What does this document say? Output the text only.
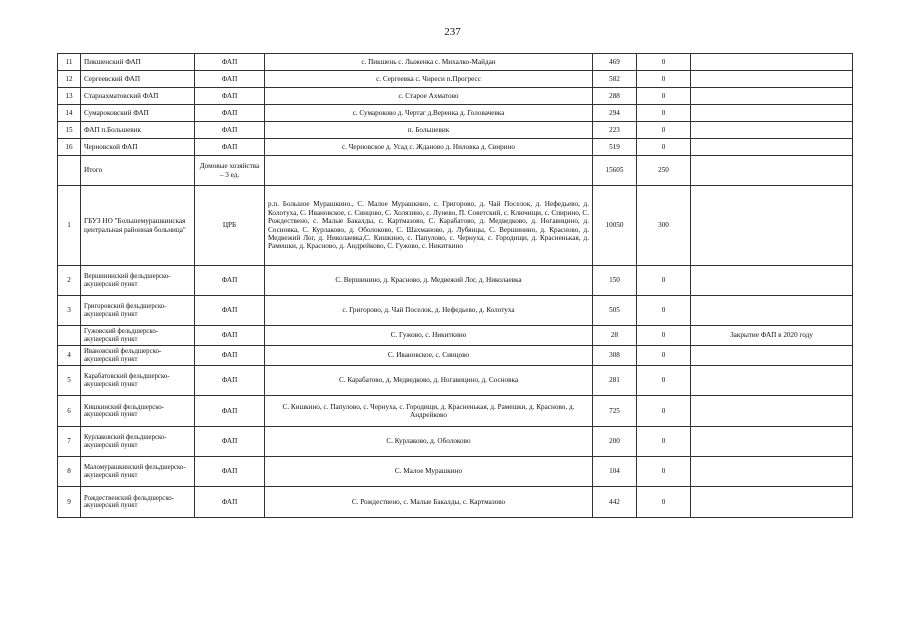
237
11	Пикшенский ФАП	ФАП	с. Пикшень с. Лыженка с. Михалко-Майдан	469	0	
12	Сергеевский ФАП	ФАП	с. Сергеевка с. Чиреси п.Прогресс	582	0	
13	Староахматовский ФАП	ФАП	с. Старое Ахматово	288	0	
14	Сумароковский ФАП	ФАП	с. Сумароково д. Чертаг д.Веренка д. Головачевка	294	0	
15	ФАП п.Большевик	ФАП	п. Большевик	223	0	
16	Черновской ФАП	ФАП	с. Черновское д. Усад с. Жданово д. Ниловка д. Свирино	519	0	
	Итого	Домовые хозяйства – 3 ед.		15605	250	
1	ГБУЗ НО "Большемурашкинская центральная районная больница"	ЦРБ	р.п. Большое Мурашкино., С. Малое Мурашкино, с. Григорово, д. Чай Поселок, д. Нефедьево, д. Колотуха, С. Ивановское, с. Синцово, С. Холязино, с. Лунево, П. Советский, с. Ключищи, с. Спирино, С. Рождествено, с. Малые Бакалды, с. Картмазово, С. Карабатово, д. Медведково, д. Ногавицино, д. Сосновка, С. Курлаково, д. Оболоково, С. Шахманово, д. Лубянцы, С. Вершинино, д. Красново, д. Медвежий Лог, д. Николаевка,С. Кишкино, с. Папулово, с. Чернуха, с. Городищи, д. Красненькая, д. Рамешки, д. Красново, д. Андрейково, С. Гужово, с. Никиткино	10050	300	
2	Вершининский фельдшерско-акушерский пункт	ФАП	С. Вершинино, д. Красново, д. Медвежий Лог, д. Николаевка	150	0	
3	Григоровский фельдшерско-акушерский пункт	ФАП	с. Григорово, д. Чай Поселок, д. Нефедьево, д. Колотуха	505	0	
	Гужовский фельдшерско-акушерский пункт	ФАП	С. Гужово, с. Никиткино	28	0	Закрытие ФАП в 2020 году
4	Ивановский фельдшерско-акушерский пункт	ФАП	С. Ивановское, с. Синцово	308	0	
5	Карабатовский фельдшерско-акушерский пункт	ФАП	С. Карабатово, д. Медведково, д. Ногавицино, д. Сосновка	281	0	
6	Кишкинский фельдшерско-акушерский пункт	ФАП	С. Кишкино, с. Папулово, с. Чернуха, с. Городищи, д. Красненькая, д. Рамешки, д. Красново, д. Андрейково	725	0	
7	Курлаковский фельдшерско-акушерский пункт	ФАП	С. Курлаково, д. Оболоково	200	0	
8	Маломурашкинский фельдшерско-акушерский пункт	ФАП	С. Малое Мурашкино	104	0	
9	Рождественский фельдшерско-акушерский пункт	ФАП	С. Рождествено, с. Малые Бакалды, с. Картмазово	442	0	
